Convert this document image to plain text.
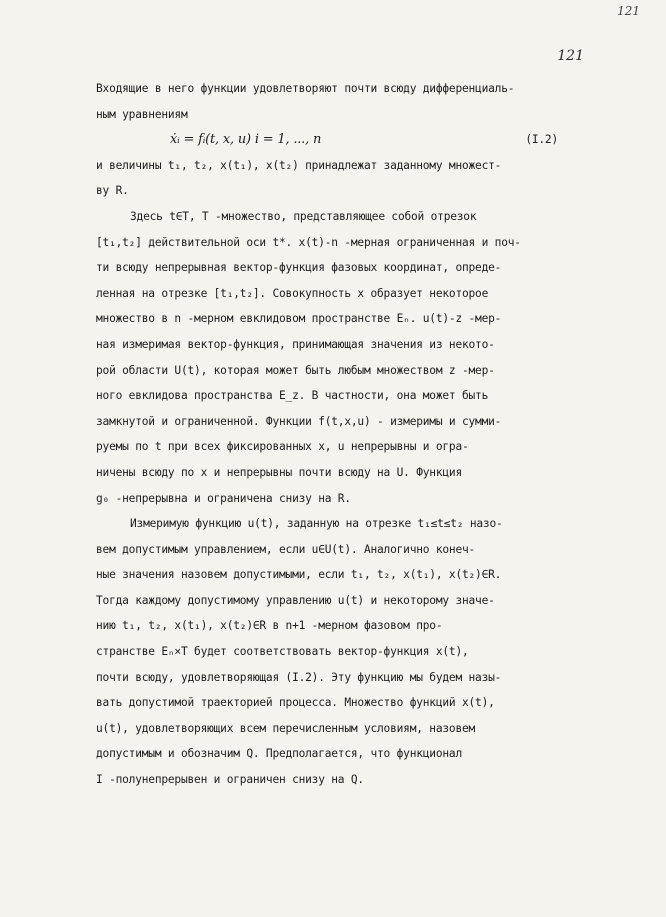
121
121
Входящие в него функции удовлетворяют почти всюду дифференциаль-
ным уравнениям
ẋᵢ = fᵢ(t, x, u) i = 1, ..., n	(I.2)
и величины t₁, t₂, x(t₁), x(t₂) принадлежат заданному множест-
ву R.
Здесь t∈T, T -множество, представляющее собой отрезок
[t₁,t₂] действительной оси t*. x(t)-n -мерная ограниченная и поч-
ти всюду непрерывная вектор-функция фазовых координат, опреде-
ленная на отрезке [t₁,t₂]. Совокупность x образует некоторое
множество в n -мерном евклидовом пространстве Eₙ. u(t)-z -мер-
ная измеримая вектор-функция, принимающая значения из некото-
рой области U(t), которая может быть любым множеством z -мер-
ного евклидова пространства E_z. В частности, она может быть
замкнутой и ограниченной. Функции f(t,x,u) - измеримы и сумми-
руемы по t при всех фиксированных x, u непрерывны и огра-
ничены всюду по x и непрерывны почти всюду на U. Функция
g₀ -непрерывна и ограничена снизу на R.
Измеримую функцию u(t), заданную на отрезке t₁≤t≤t₂ назо-
вем допустимым управлением, если u∈U(t). Аналогично конеч-
ные значения назовем допустимыми, если t₁, t₂, x(t₁), x(t₂)∈R.
Тогда каждому допустимому управлению u(t) и некоторому значе-
нию t₁, t₂, x(t₁), x(t₂)∈R в n+1 -мерном фазовом про-
странстве Eₙ×T будет соответствовать вектор-функция x(t),
почти всюду, удовлетворяющая (I.2). Эту функцию мы будем назы-
вать допустимой траекторией процесса. Множество функций x(t),
u(t), удовлетворяющих всем перечисленным условиям, назовем
допустимым и обозначим Q. Предполагается, что функционал
I -полунепрерывен и ограничен снизу на Q.
